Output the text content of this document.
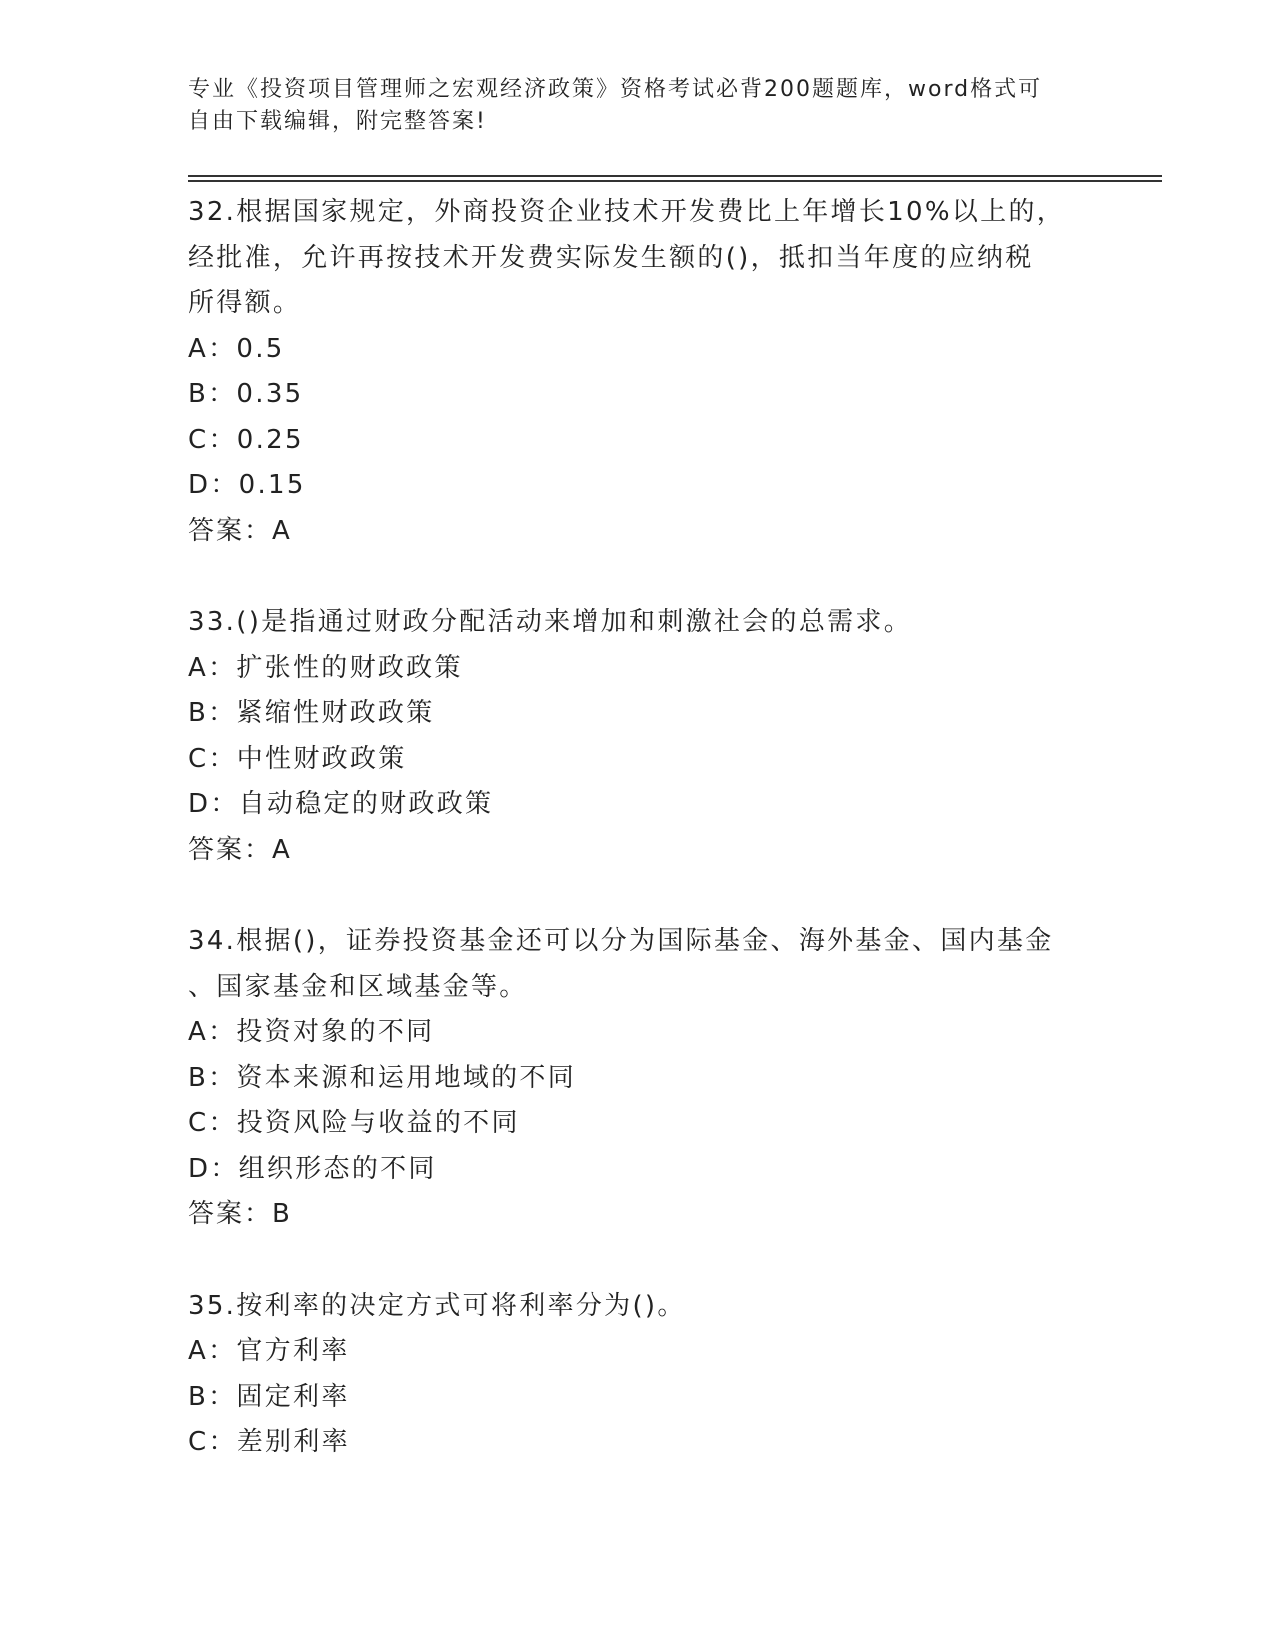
专业《投资项目管理师之宏观经济政策》资格考试必背200题题库，word格式可
自由下载编辑，附完整答案!
32.根据国家规定，外商投资企业技术开发费比上年增长10%以上的，
经批准，允许再按技术开发费实际发生额的()，抵扣当年度的应纳税
所得额。
A：0.5
B：0.35
C：0.25
D：0.15
答案：A
33.()是指通过财政分配活动来增加和刺激社会的总需求。
A：扩张性的财政政策
B：紧缩性财政政策
C：中性财政政策
D：自动稳定的财政政策
答案：A
34.根据()，证券投资基金还可以分为国际基金、海外基金、国内基金
、国家基金和区域基金等。
A：投资对象的不同
B：资本来源和运用地域的不同
C：投资风险与收益的不同
D：组织形态的不同
答案：B
35.按利率的决定方式可将利率分为()。
A：官方利率
B：固定利率
C：差别利率
